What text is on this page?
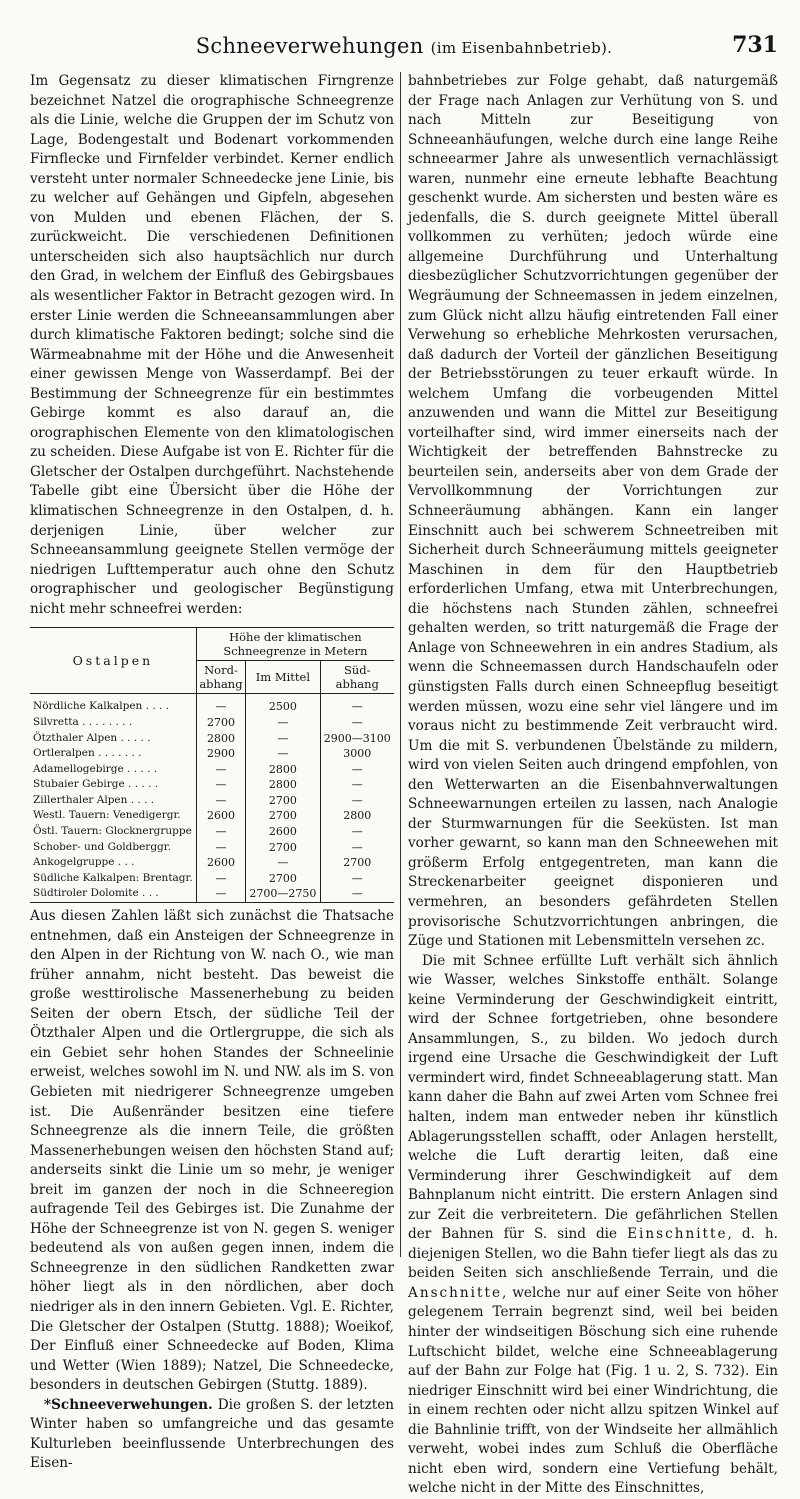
Schneeverwehungen (im Eisenbahnbetrieb).	731

Im Gegensatz zu dieser klimatischen Firngrenze bezeichnet Natzel die orographische Schneegrenze als die Linie, welche die Gruppen der im Schutz von Lage, Bodengestalt und Bodenart vorkommenden Firnflecke und Firnfelder verbindet. Kerner endlich versteht unter normaler Schneedecke jene Linie, bis zu welcher auf Gehängen und Gipfeln, abgesehen von Mulden und ebenen Flächen, der S. zurückweicht. Die verschiedenen Definitionen unterscheiden sich also hauptsächlich nur durch den Grad, in welchem der Einfluß des Gebirgsbaues als wesentlicher Faktor in Betracht gezogen wird. In erster Linie werden die Schneeansammlungen aber durch klimatische Faktoren bedingt; solche sind die Wärmeabnahme mit der Höhe und die Anwesenheit einer gewissen Menge von Wasserdampf. Bei der Bestimmung der Schneegrenze für ein bestimmtes Gebirge kommt es also darauf an, die orographischen Elemente von den klimatologischen zu scheiden. Diese Aufgabe ist von E. Richter für die Gletscher der Ostalpen durchgeführt. Nachstehende Tabelle gibt eine Übersicht über die Höhe der klimatischen Schneegrenze in den Ostalpen, d. h. derjenigen Linie, über welcher zur Schneeansammlung geeignete Stellen vermöge der niedrigen Lufttemperatur auch ohne den Schutz orographischer und geologischer Begünstigung nicht mehr schneefrei werden:

Ostalpen	Höhe der klimatischen Schneegrenze in Metern		
	Nord-abhang	Im Mittel	Süd-abhang
Nördliche Kalkalpen . . . .	—	2500	—
Silvretta . . . . . . . .	2700	—	—
Ötzthaler Alpen . . . . .	2800	—	2900—3100
Ortleralpen . . . . . . .	2900	—	3000
Adamellogebirge . . . . .	—	2800	—
Stubaier Gebirge . . . . .	—	2800	—
Zillerthaler Alpen . . . .	—	2700	—
Westl. Tauern: Venedigergr.	2600	2700	2800
Östl. Tauern: Glocknergruppe	—	2600	—
Schober- und Goldberggr.	—	2700	—
Ankogelgruppe . . .	2600	—	2700
Südliche Kalkalpen: Brentagr.	—	2700	—
Südtiroler Dolomite . . .	—	2700—2750	—

Aus diesen Zahlen läßt sich zunächst die Thatsache entnehmen, daß ein Ansteigen der Schneegrenze in den Alpen in der Richtung von W. nach O., wie man früher annahm, nicht besteht. Das beweist die große westtirolische Massenerhebung zu beiden Seiten der obern Etsch, der südliche Teil der Ötzthaler Alpen und die Ortlergruppe, die sich als ein Gebiet sehr hohen Standes der Schneelinie erweist, welches sowohl im N. und NW. als im S. von Gebieten mit niedrigerer Schneegrenze umgeben ist. Die Außenränder besitzen eine tiefere Schneegrenze als die innern Teile, die größten Massenerhebungen weisen den höchsten Stand auf; anderseits sinkt die Linie um so mehr, je weniger breit im ganzen der noch in die Schneeregion aufragende Teil des Gebirges ist. Die Zunahme der Höhe der Schneegrenze ist von N. gegen S. weniger bedeutend als von außen gegen innen, indem die Schneegrenze in den südlichen Randketten zwar höher liegt als in den nördlichen, aber doch niedriger als in den innern Gebieten. Vgl. E. Richter, Die Gletscher der Ostalpen (Stuttg. 1888); Woeikof, Der Einfluß einer Schneedecke auf Boden, Klima und Wetter (Wien 1889); Natzel, Die Schneedecke, besonders in deutschen Gebirgen (Stuttg. 1889).

*Schneeverwehungen. Die großen S. der letzten Winter haben so umfangreiche und das gesamte Kulturleben beeinflussende Unterbrechungen des Eisen-

bahnbetriebes zur Folge gehabt, daß naturgemäß der Frage nach Anlagen zur Verhütung von S. und nach Mitteln zur Beseitigung von Schneeanhäufungen, welche durch eine lange Reihe schneearmer Jahre als unwesentlich vernachlässigt waren, nunmehr eine erneute lebhafte Beachtung geschenkt wurde. Am sichersten und besten wäre es jedenfalls, die S. durch geeignete Mittel überall vollkommen zu verhüten; jedoch würde eine allgemeine Durchführung und Unterhaltung diesbezüglicher Schutzvorrichtungen gegenüber der Wegräumung der Schneemassen in jedem einzelnen, zum Glück nicht allzu häufig eintretenden Fall einer Verwehung so erhebliche Mehrkosten verursachen, daß dadurch der Vorteil der gänzlichen Beseitigung der Betriebsstörungen zu teuer erkauft würde. In welchem Umfang die vorbeugenden Mittel anzuwenden und wann die Mittel zur Beseitigung vorteilhafter sind, wird immer einerseits nach der Wichtigkeit der betreffenden Bahnstrecke zu beurteilen sein, anderseits aber von dem Grade der Vervollkommnung der Vorrichtungen zur Schneeräumung abhängen. Kann ein langer Einschnitt auch bei schwerem Schneetreiben mit Sicherheit durch Schneeräumung mittels geeigneter Maschinen in dem für den Hauptbetrieb erforderlichen Umfang, etwa mit Unterbrechungen, die höchstens nach Stunden zählen, schneefrei gehalten werden, so tritt naturgemäß die Frage der Anlage von Schneewehren in ein andres Stadium, als wenn die Schneemassen durch Handschaufeln oder günstigsten Falls durch einen Schneepflug beseitigt werden müssen, wozu eine sehr viel längere und im voraus nicht zu bestimmende Zeit verbraucht wird. Um die mit S. verbundenen Übelstände zu mildern, wird von vielen Seiten auch dringend empfohlen, von den Wetterwarten an die Eisenbahnverwaltungen Schneewarnungen erteilen zu lassen, nach Analogie der Sturmwarnungen für die Seeküsten. Ist man vorher gewarnt, so kann man den Schneewehen mit größerm Erfolg entgegentreten, man kann die Streckenarbeiter geeignet disponieren und vermehren, an besonders gefährdeten Stellen provisorische Schutzvorrichtungen anbringen, die Züge und Stationen mit Lebensmitteln versehen zc.

Die mit Schnee erfüllte Luft verhält sich ähnlich wie Wasser, welches Sinkstoffe enthält. Solange keine Verminderung der Geschwindigkeit eintritt, wird der Schnee fortgetrieben, ohne besondere Ansammlungen, S., zu bilden. Wo jedoch durch irgend eine Ursache die Geschwindigkeit der Luft vermindert wird, findet Schneeablagerung statt. Man kann daher die Bahn auf zwei Arten vom Schnee frei halten, indem man entweder neben ihr künstlich Ablagerungsstellen schafft, oder Anlagen herstellt, welche die Luft derartig leiten, daß eine Verminderung ihrer Geschwindigkeit auf dem Bahnplanum nicht eintritt. Die erstern Anlagen sind zur Zeit die verbreitetern. Die gefährlichen Stellen der Bahnen für S. sind die Einschnitte, d. h. diejenigen Stellen, wo die Bahn tiefer liegt als das zu beiden Seiten sich anschließende Terrain, und die Anschnitte, welche nur auf einer Seite von höher gelegenem Terrain begrenzt sind, weil bei beiden hinter der windseitigen Böschung sich eine ruhende Luftschicht bildet, welche eine Schneeablagerung auf der Bahn zur Folge hat (Fig. 1 u. 2, S. 732). Ein niedriger Einschnitt wird bei einer Windrichtung, die in einem rechten oder nicht allzu spitzen Winkel auf die Bahnlinie trifft, von der Windseite her allmählich verweht, wobei indes zum Schluß die Oberfläche nicht eben wird, sondern eine Vertiefung behält, welche nicht in der Mitte des Einschnittes,
